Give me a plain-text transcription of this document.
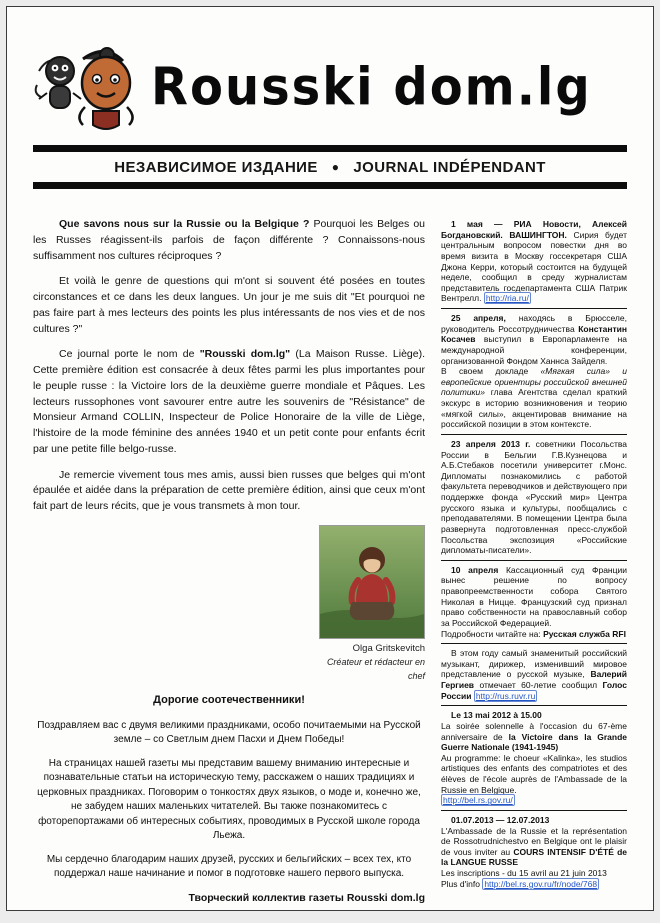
Rousski dom.lg
НЕЗАВИСИМОЕ ИЗДАНИЕ ● JOURNAL INDÉPENDANT

Que savons nous sur la Russie ou la Belgique ? Pourquoi les Belges ou les Russes réagissent-ils parfois de façon différente ? Connaissons-nous suffisamment nos cultures réciproques ?

Et voilà le genre de questions qui m'ont si souvent été posées en toutes circonstances et ce dans les deux langues. Un jour je me suis dit "Et pourquoi ne pas faire part à mes lecteurs des points les plus intéressants de nos vies et de nos cultures ?"

Ce journal porte le nom de "Rousski dom.lg" (La Maison Russe. Liège). Cette première édition est consacrée à deux fêtes parmi les plus importantes pour le peuple russe : la Victoire lors de la deuxième guerre mondiale et Pâques. Les lecteurs russophones vont savourer entre autre les souvenirs de "Résistance" de Monsieur Armand COLLIN, Inspecteur de Police Honoraire de la ville de Liège, l'histoire de la mode féminine des années 1940 et un petit conte pour enfants écrit par une petite fille belgo-russe.

Je remercie vivement tous mes amis, aussi bien russes que belges qui m'ont épaulée et aidée dans la préparation de cette première édition, ainsi que ceux m'ont fait part de leurs récits, que je vous transmets à mon tour.

Olga Gritskevitch
Créateur et rédacteur en chef

Дорогие соотечественники!

Поздравляем вас с двумя великими праздниками, особо почитаемыми на Русской земле – со Светлым днем Пасхи и Днем Победы!

На страницах нашей газеты мы представим вашему вниманию интересные и познавательные статьи на историческую тему, расскажем о наших традициях и церковных праздниках. Поговорим о тонкостях двух языков, о моде и, конечно же, не забудем наших маленьких читателей. Вы также познакомитесь с фоторепортажами об интересных событиях, проводимых в Русской школе города Льежа.

Мы сердечно благодарим наших друзей, русских и бельгийских – всех тех, кто поддержал наше начинание и помог в подготовке нашего первого выпуска.

Творческий коллектив газеты Rousski dom.lg
1 мая — РИА Новости, Алексей Богдановский. ВАШИНГТОН. Сирия будет центральным вопросом повестки дня во время визита в Москву госсекретаря США Джона Керри, который состоится на будущей неделе, сообщил в среду журналистам представитель госдепартамента США Патрик Вентрелл. http://ria.ru/
25 апреля, находясь в Брюсселе, руководитель Россотрудничества Константин Косачев выступил в Европарламенте на международной конференции, организованной Фондом Ханнса Зайделя.
В своем докладе «Мягкая сила» и европейские ориентиры российской внешней политики» глава Агентства сделал краткий экскурс в историю возникновения и теорию «мягкой силы», акцентировав внимание на российской позиции в этом контексте.
23 апреля 2013 г. советники Посольства России в Бельгии Г.В.Кузнецова и А.Б.Стебаков посетили университет г.Монс. Дипломаты познакомились с работой факультета переводчиков и действующего при поддержке фонда «Русский мир» Центра русского языка и культуры, пообщались с преподавателями. В помещении Центра была развернута подготовленная пресс-службой Посольства экспозиция «Российские дипломаты-писатели».
10 апреля Кассационный суд Франции вынес решение по вопросу правопреемственности собора Святого Николая в Ницце. Французский суд признал право собственности на православный собор за Российской Федерацией.
Подробности читайте на: Русская служба RFI
В этом году самый знаменитый российский музыкант, дирижер, изменивший мировое представление о русской музыке, Валерий Гергиев отмечает 60-летие сообщил Голос России http://rus.ruvr.ru
Le 13 mai 2012 à 15.00
La soirée solennelle à l'occasion du 67-ème anniversaire de la Victoire dans la Grande Guerre Nationale (1941-1945)
Au programme: le choeur «Kalinka», les studios artistiques des enfants des compatriotes et des élèves de l'école auprès de l'Ambassade de la Russie en Belgique.
http://bel.rs.gov.ru/
01.07.2013 — 12.07.2013
L'Ambassade de la Russie et la représentation de Rossotrudnichestvo en Belgique ont le plaisir de vous inviter au COURS INTENSIF D'ÉTÉ de la LANGUE RUSSE
Les inscriptions - du 15 avril au 21 juin 2013
Plus d'info http://bel.rs.gov.ru/fr/node/768
